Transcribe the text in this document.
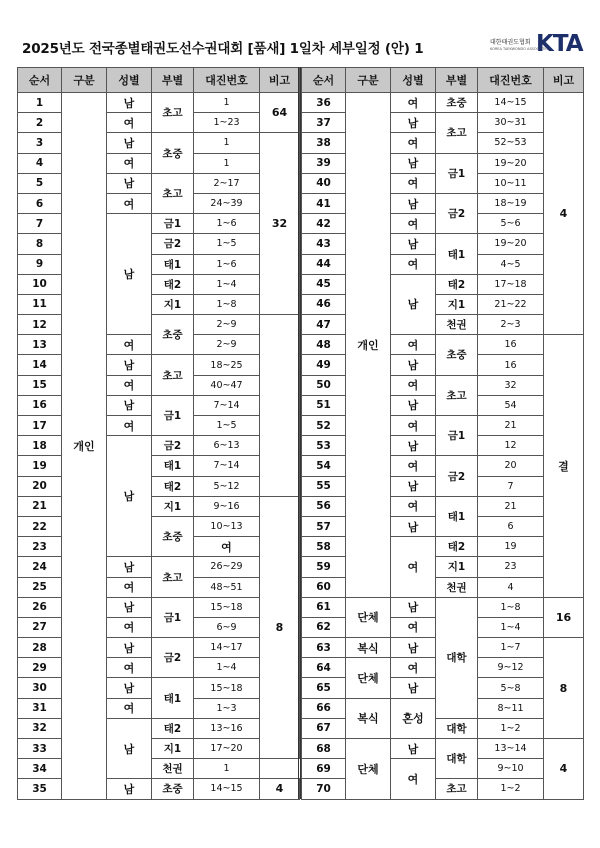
2025년도 전국종별태권도선수권대회 [품새] 1일차 세부일정 (안) 1	대한태권도협회
KOREA TAEKWONDO ASSOCIATION
KTA
순서	구분	성별	부별	대진번호	비고	
1	개인	남	초고	1	64	
2		여		1~23		
3		남	초중	1	32	
4		여		1		
5		남	초고	2~17		
6		여		24~39		
7		남	금1	1~6		
8			금2	1~5		
9			태1	1~6		
10			태2	1~4		
11			지1	1~8	
12			초중	2~9		
13		여		2~9		
14		남	초고	18~25		
15		여		40~47		
16		남	금1	7~14		
17		여		1~5		
18		남	금2	6~13		
19			태1	7~14		
20			태2	5~12		
21			지1	9~16	8	
22			초중	10~13		
23				여	
24		남	초고	26~29		
25		여		48~51		
26		남	금1	15~18		
27		여		6~9		
28		남	금2	14~17		
29		여		1~4		
30		남	태1	15~18		
31		여		1~3		
32		남	태2	13~16		
33			지1	17~20		
34			천권	1		
35		남	초중	14~15	4	
순서	구분	성별	부별	대진번호	비고
36	개인	여	초중	14~15	4
37		남	초고	30~31	
38		여		52~53	
39		남	금1	19~20	
40		여		10~11	
41		남	금2	18~19	
42		여		5~6	
43		남	태1	19~20	
44		여		4~5	
45		남	태2	17~18	
46			지1	21~22	
47			천권	2~3	
48		여	초중	16	결
49		남		16	
50		여	초고	32	
51		남		54	
52		여	금1	21	
53		남		12	
54		여	금2	20	
55		남		7	
56		여	태1	21	
57		남		6	
58		여	태2	19	
59			지1	23	
60			천권	4	
61	단체	남	대학	1~8	16
62		여		1~4	
63	복식	남		1~7	8
64	단체	여		9~12	
65		남		5~8	
66	복식	혼성		8~11	
67			대학	1~2	
68	단체	남	대학	13~14	4
69		여		9~10	
70			초고	1~2	
